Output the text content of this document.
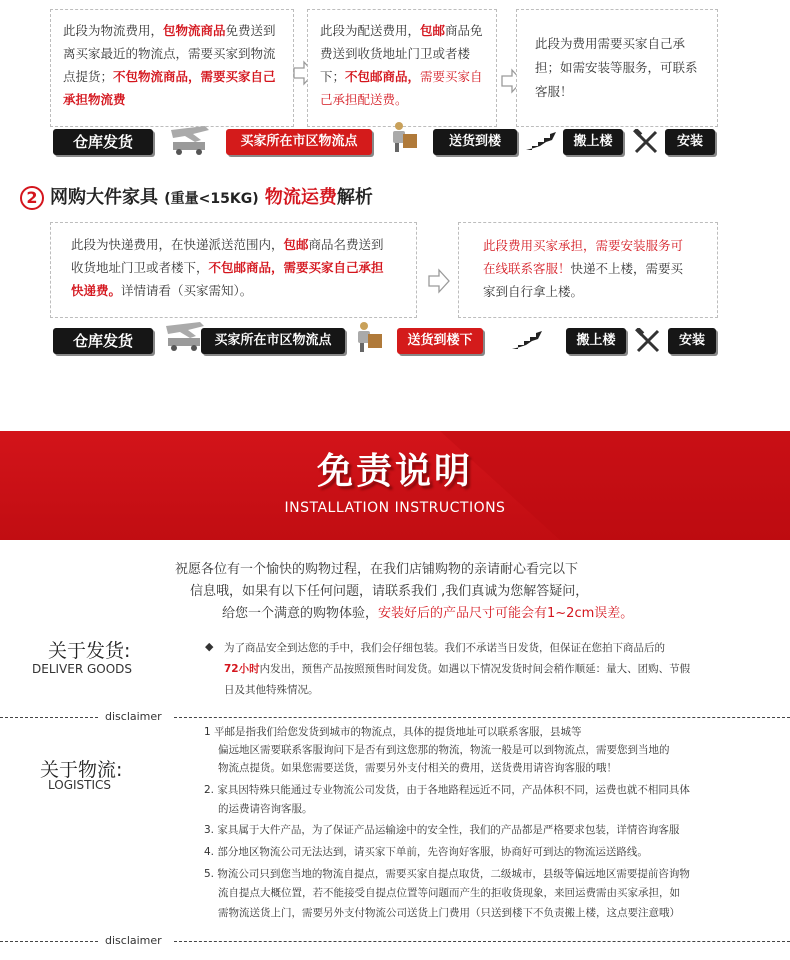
此段为物流费用，包物流商品免费送到离买家最近的物流点，需要买家到物流点提货；不包物流商品，需要买家自己承担物流费

此段为配送费用，包邮商品免费送到收货地址门卫或者楼下；不包邮商品，需要买家自己承担配送费。

此段为费用需要买家自己承担；如需安装等服务，可联系客服！

仓库发货	买家所在市区物流点	送货到楼下
搬上楼	安装
2 网购大件家具 (重量<15KG) 物流运费解析

此段为快递费用，在快递派送范围内，包邮商品名费送到收货地址门卫或者楼下，不包邮商品，需要买家自己承担快递费。详情请看（买家需知）。

此段费用买家承担，需要安装服务可在线联系客服！快递不上楼，需要买家到自行拿上楼。

仓库发货	买家所在市区物流点	送货到楼下	搬上楼	安装
免责说明
INSTALLATION INSTRUCTIONS
祝愿各位有一个愉快的购物过程，在我们店铺购物的亲请耐心看完以下
信息哦，如果有以下任何问题，请联系我们 ,我们真诚为您解答疑问，
给您一个满意的购物体验，安装好后的产品尺寸可能会有1~2cm误差。
关于发货:
DELIVER GOODS
◆ 为了商品安全到达您的手中，我们会仔细包装。我们不承诺当日发货，但保证在您拍下商品后的
72小时内发出，预售产品按照预售时间发货。如遇以下情况发货时间会稍作顺延：量大、团购、节假
日及其他特殊情况。
disclaimer
关于物流:
LOGISTICS
1 平邮是指我们给您发货到城市的物流点，具体的提货地址可以联系客服，县城等
偏远地区需要联系客服询问下是否有到这您那的物流，物流一般是可以到物流点，需要您到当地的
物流点提货。如果您需要送货，需要另外支付相关的费用，送货费用请咨询客服的哦！
2. 家具因特殊只能通过专业物流公司发货，由于各地路程远近不同，产品体积不同，运费也就不相同具体
的运费请咨询客服。
3. 家具属于大件产品，为了保证产品运输途中的安全性，我们的产品都是严格要求包装，详情咨询客服
4. 部分地区物流公司无法达到，请买家下单前，先咨询好客服，协商好可到达的物流运送路线。
5. 物流公司只到您当地的物流自提点，需要买家自提点取货，二级城市，县级等偏远地区需要提前咨询物
流自提点大概位置，若不能接受自提点位置等问题而产生的拒收货现象，来回运费需由买家承担，如
需物流送货上门，需要另外支付物流公司送货上门费用（只送到楼下不负责搬上楼，这点要注意哦）
disclaimer
